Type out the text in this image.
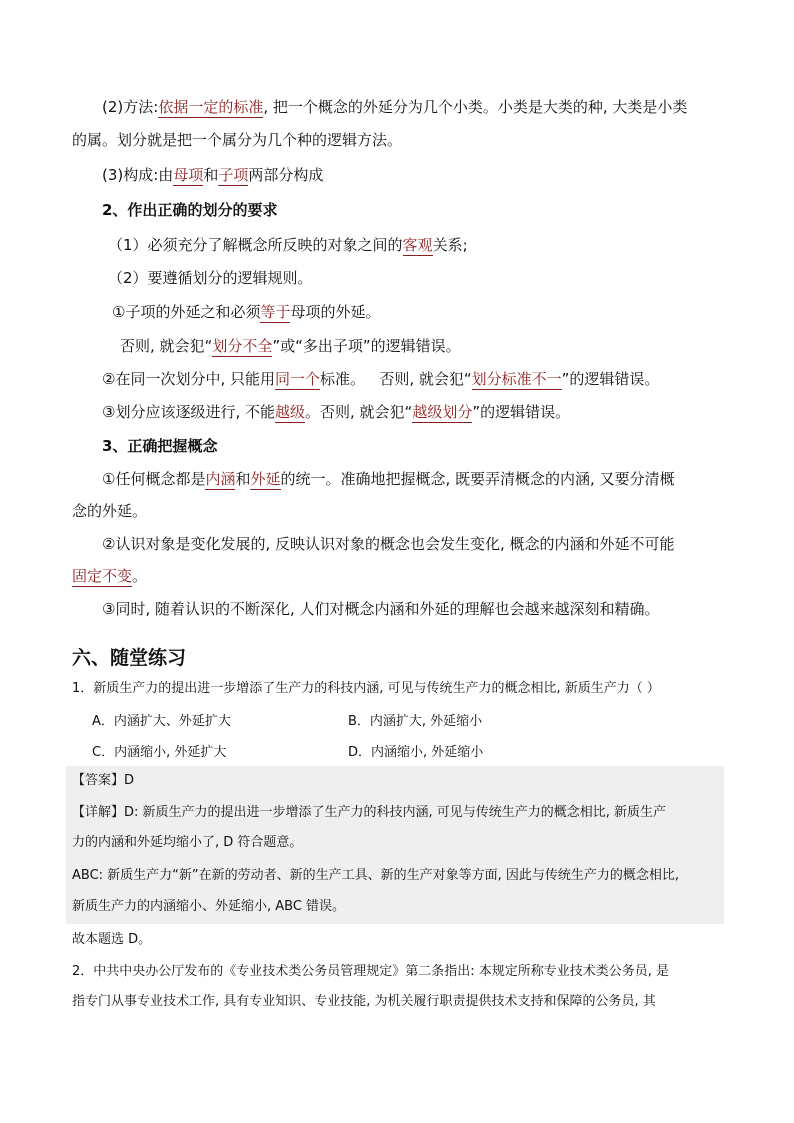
(2)方法:依据一定的标准, 把一个概念的外延分为几个小类。小类是大类的种, 大类是小类
的属。划分就是把一个属分为几个种的逻辑方法。
(3)构成:由母项和子项两部分构成
2、作出正确的划分的要求
（1）必须充分了解概念所反映的对象之间的客观关系;
（2）要遵循划分的逻辑规则。
①子项的外延之和必须等于母项的外延。
否则, 就会犯“划分不全”或“多出子项”的逻辑错误。
②在同一次划分中, 只能用同一个标准。   否则, 就会犯“划分标准不一”的逻辑错误。
③划分应该逐级进行, 不能越级。否则, 就会犯“越级划分”的逻辑错误。
3、正确把握概念
①任何概念都是内涵和外延的统一。准确地把握概念, 既要弄清概念的内涵, 又要分清概
念的外延。
②认识对象是变化发展的, 反映认识对象的概念也会发生变化, 概念的内涵和外延不可能
固定不变。
③同时, 随着认识的不断深化, 人们对概念内涵和外延的理解也会越来越深刻和精确。
六、随堂练习
1．新质生产力的提出进一步增添了生产力的科技内涵, 可见与传统生产力的概念相比, 新质生产力（ ）
A．内涵扩大、外延扩大	B．内涵扩大, 外延缩小
C．内涵缩小, 外延扩大	D．内涵缩小, 外延缩小
【答案】D
【详解】D: 新质生产力的提出进一步增添了生产力的科技内涵, 可见与传统生产力的概念相比, 新质生产
力的内涵和外延均缩小了, D 符合题意。
ABC: 新质生产力“新”在新的劳动者、新的生产工具、新的生产对象等方面, 因此与传统生产力的概念相比,
新质生产力的内涵缩小、外延缩小, ABC 错误。
故本题选 D。
2．中共中央办公厅发布的《专业技术类公务员管理规定》第二条指出: 本规定所称专业技术类公务员, 是
指专门从事专业技术工作, 具有专业知识、专业技能, 为机关履行职责提供技术支持和保障的公务员, 其
